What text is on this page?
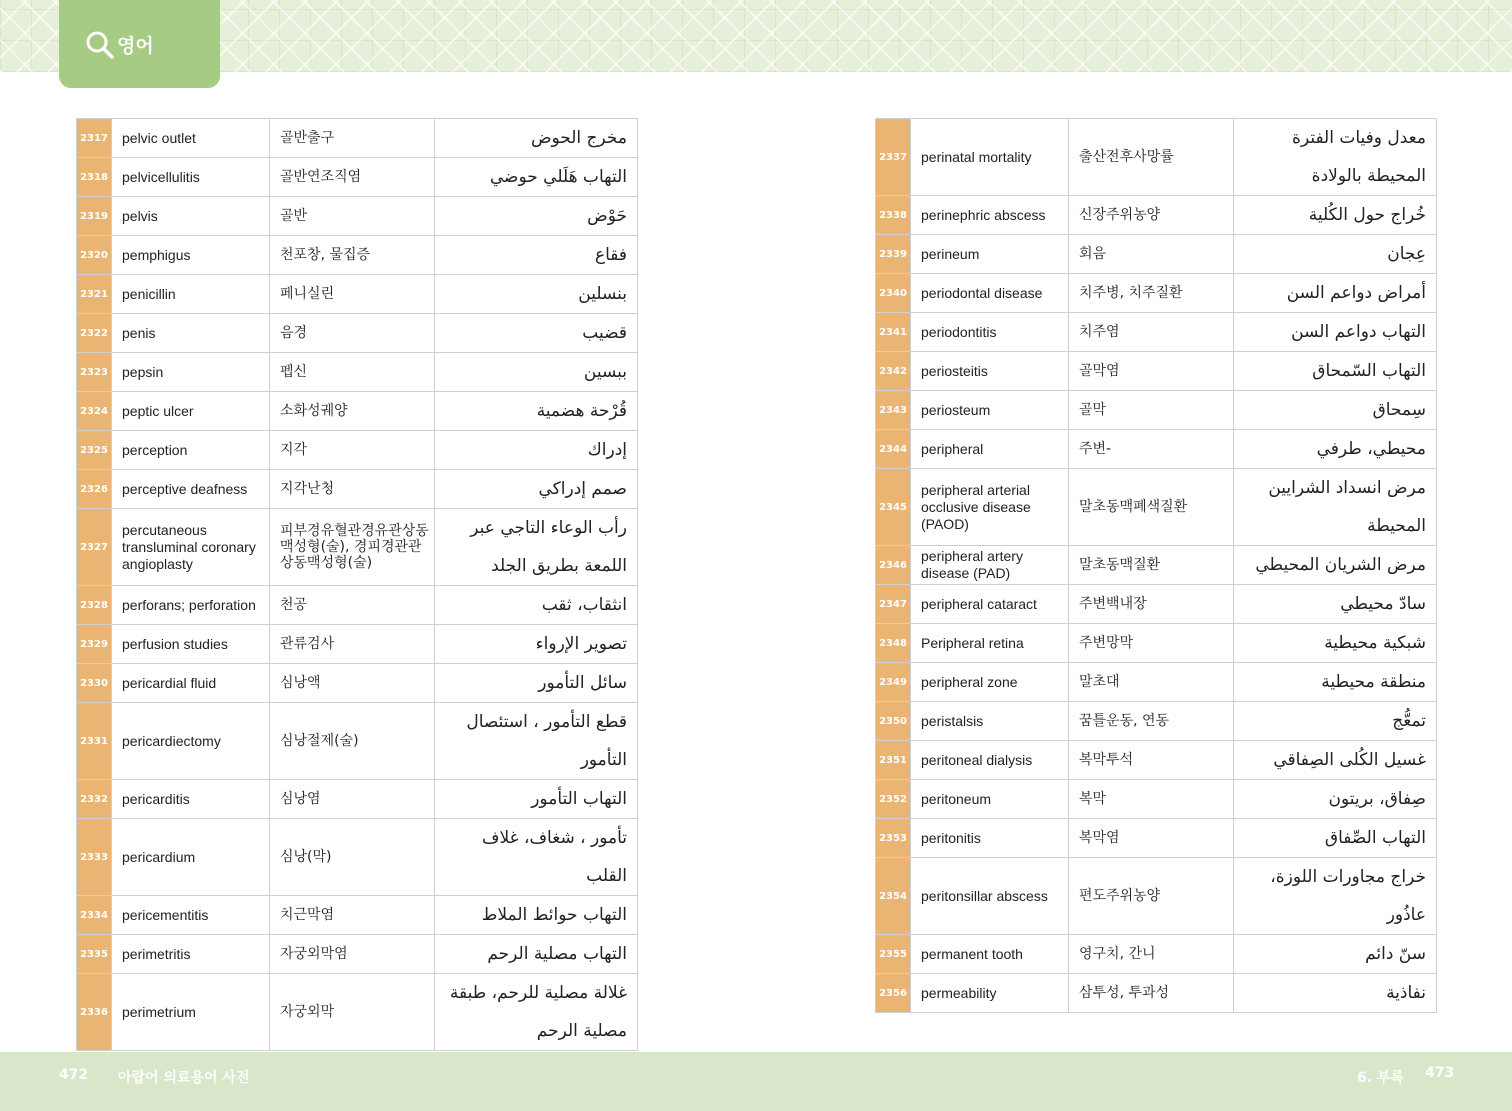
영어
2317	pelvic outlet	골반출구	مخرج الحوض
2318	pelvicellulitis	골반연조직염	التهاب هَلَلي حوضي
2319	pelvis	골반	حَوْض
2320	pemphigus	천포창, 물집증	فقاع
2321	penicillin	페니실린	بنسلين
2322	penis	음경	قضيب
2323	pepsin	펩신	ببسين
2324	peptic ulcer	소화성궤양	قُرْحة هضمية
2325	perception	지각	إدراك
2326	perceptive deafness	지각난청	صمم إدراكي
2327	percutaneous transluminal coronary angioplasty	피부경유혈관경유관상동맥성형(술), 경피경관관상동맥성형(술)	رأب الوعاء التاجي عبر اللمعة بطريق الجلد
2328	perforans; perforation	천공	انثقاب، ثقب
2329	perfusion studies	관류검사	تصوير الإرواء
2330	pericardial fluid	심낭액	سائل التأمور
2331	pericardiectomy	심낭절제(술)	قطع التأمور ، استئصال التأمور
2332	pericarditis	심낭염	التهاب التأمور
2333	pericardium	심낭(막)	تأمور ، شغاف، غلاف القلب
2334	pericementitis	치근막염	التهاب حوائط الملاط
2335	perimetritis	자궁외막염	التهاب مصلية الرحم
2336	perimetrium	자궁외막	غلالة مصلية للرحم، طبقة مصلية الرحم
2337	perinatal mortality	출산전후사망률	معدل وفيات الفترة المحيطة بالولادة
2338	perinephric abscess	신장주위농양	خُراج حول الكُلية
2339	perineum	회음	عِجان
2340	periodontal disease	치주병, 치주질환	أمراض دواعم السن
2341	periodontitis	치주염	التهاب دواعم السن
2342	periosteitis	골막염	التهاب السّمحاق
2343	periosteum	골막	سِمحاق
2344	peripheral	주변-	محيطي، طرفي
2345	peripheral arterial occlusive disease (PAOD)	말초동맥폐색질환	مرض انسداد الشرايين المحيطة
2346	peripheral artery disease (PAD)	말초동맥질환	مرض الشريان المحيطي
2347	peripheral cataract	주변백내장	سادّ محيطي
2348	Peripheral retina	주변망막	شبكية محيطية
2349	peripheral zone	말초대	منطقة محيطية
2350	peristalsis	꿈틀운동, 연동	تمعُّج
2351	peritoneal dialysis	복막투석	غسيل الكُلى الصِفاقي
2352	peritoneum	복막	صِفاق، بريتون
2353	peritonitis	복막염	التهاب الصِّفاق
2354	peritonsillar abscess	편도주위농양	خراج مجاورات اللوزة، عاذُور
2355	permanent tooth	영구치, 간니	سنّ دائم
2356	permeability	삼투성, 투과성	نفاذية
472 아랍어 의료용어 사전	6. 부록 473
